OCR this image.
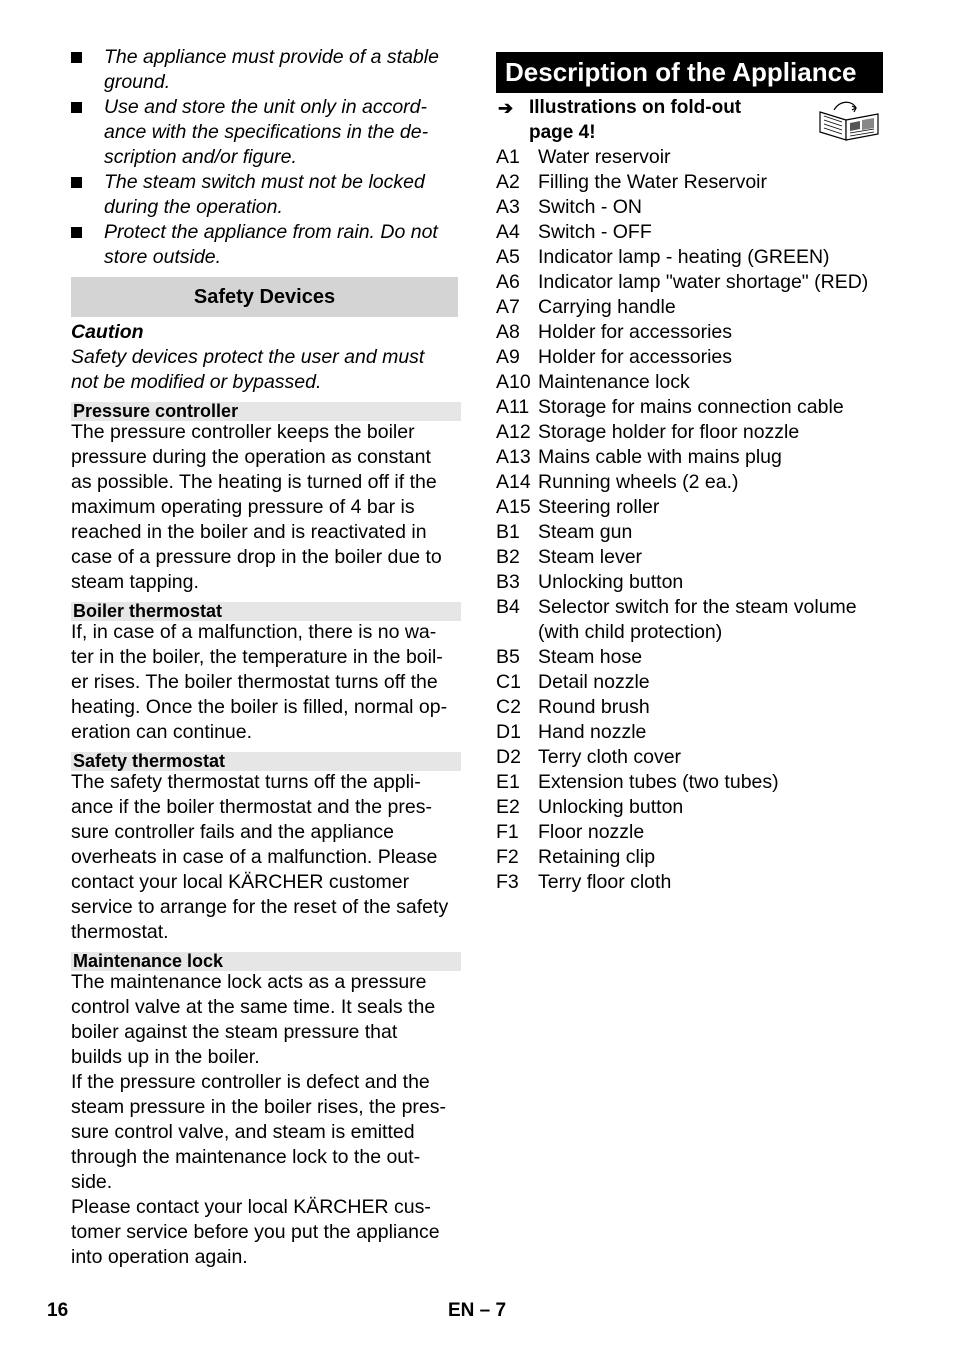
The appliance must provide of a stable
ground.
Use and store the unit only in accord-
ance with the specifications in the de-
scription and/or figure.
The steam switch must not be locked
during the operation.
Protect the appliance from rain. Do not
store outside.
Safety Devices
Caution
Safety devices protect the user and must
not be modified or bypassed.
Pressure controller
The pressure controller keeps the boiler
pressure during the operation as constant
as possible. The heating is turned off if the
maximum operating pressure of 4 bar is
reached in the boiler and is reactivated in
case of a pressure drop in the boiler due to
steam tapping.
Boiler thermostat
If, in case of a malfunction, there is no wa-
ter in the boiler, the temperature in the boil-
er rises. The boiler thermostat turns off the
heating. Once the boiler is filled, normal op-
eration can continue.
Safety thermostat
The safety thermostat turns off the appli-
ance if the boiler thermostat and the pres-
sure controller fails and the appliance
overheats in case of a malfunction. Please
contact your local KÄRCHER customer
service to arrange for the reset of the safety
thermostat.
Maintenance lock
The maintenance lock acts as a pressure
control valve at the same time. It seals the
boiler against the steam pressure that
builds up in the boiler.
If the pressure controller is defect and the
steam pressure in the boiler rises, the pres-
sure control valve, and steam is emitted
through the maintenance lock to the out-
side.
Please contact your local KÄRCHER cus-
tomer service before you put the appliance
into operation again.
Description of the Appliance
➔ Illustrations on fold-out
page 4!
A1 Water reservoir
A2 Filling the Water Reservoir
A3 Switch - ON
A4 Switch - OFF
A5 Indicator lamp - heating (GREEN)
A6 Indicator lamp "water shortage" (RED)
A7 Carrying handle
A8 Holder for accessories
A9 Holder for accessories
A10 Maintenance lock
A11 Storage for mains connection cable
A12 Storage holder for floor nozzle
A13 Mains cable with mains plug
A14 Running wheels (2 ea.)
A15 Steering roller
B1 Steam gun
B2 Steam lever
B3 Unlocking button
B4 Selector switch for the steam volume
(with child protection)
B5 Steam hose
C1 Detail nozzle
C2 Round brush
D1 Hand nozzle
D2 Terry cloth cover
E1 Extension tubes (two tubes)
E2 Unlocking button
F1 Floor nozzle
F2 Retaining clip
F3 Terry floor cloth
16	EN – 7
